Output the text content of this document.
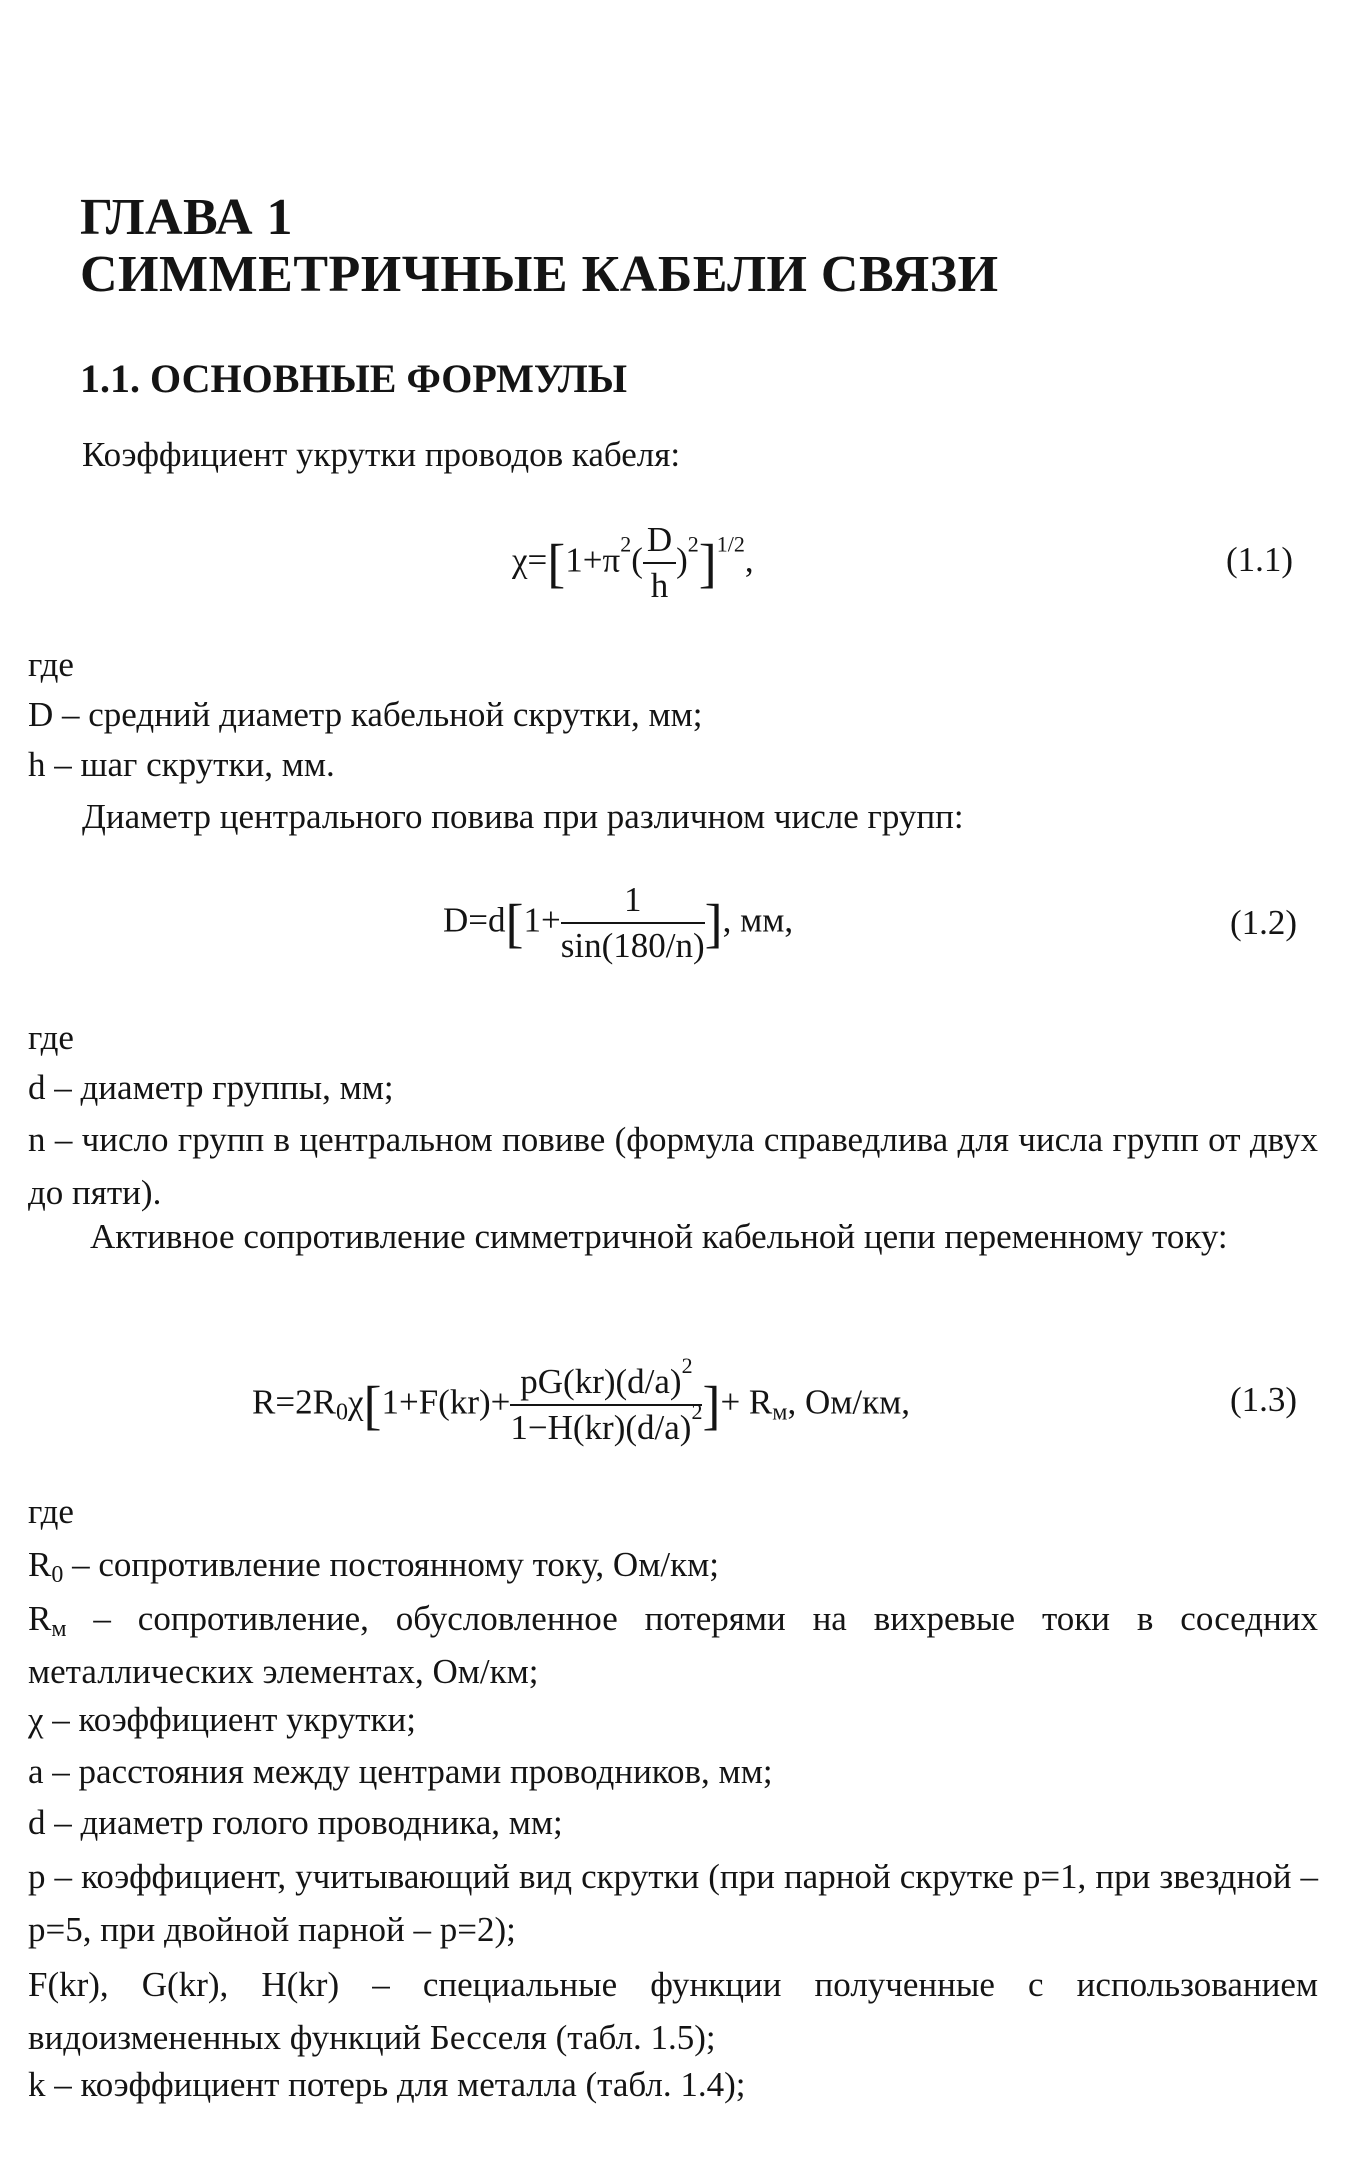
ГЛАВА 1
СИММЕТРИЧНЫЕ КАБЕЛИ СВЯЗИ
1.1. ОСНОВНЫЕ ФОРМУЛЫ
Коэффициент укрутки проводов кабеля:
$\chi=[1+\pi^2( \frac{D}{h} )^2]^{1/2}$,	(1.1)
где
D – средний диаметр кабельной скрутки, мм;
h – шаг скрутки, мм.
Диаметр центрального повива при различном числе групп:
$D=d[1+ \frac{1}{\sin(180/n)}$ ], мм,	(1.2)
где
d – диаметр группы, мм;
n – число групп в центральном повиве (формула справедлива для числа групп от двух до пяти).
Активное сопротивление симметричной кабельной цепи переменному току:
$R=2R_0\chi[1+F(kr)+ \frac{pG(kr)(d/a)^2}{1-H(kr)(d/a)^2}$ ]+ $R_м$, Ом/км,	(1.3)
где
$R_0$ – сопротивление постоянному току, Ом/км;
$R_м$ – сопротивление, обусловленное потерями на вихревые токи в соседних металлических элементах, Ом/км;
χ – коэффициент укрутки;
а – расстояния между центрами проводников, мм;
d – диаметр голого проводника, мм;
р – коэффициент, учитывающий вид скрутки (при парной скрутке р=1, при звездной – р=5, при двойной парной – р=2);
F(kr), G(kr), H(kr) – специальные функции полученные с использованием видоизмененных функций Бесселя (табл. 1.5);
k – коэффициент потерь для металла (табл. 1.4);
